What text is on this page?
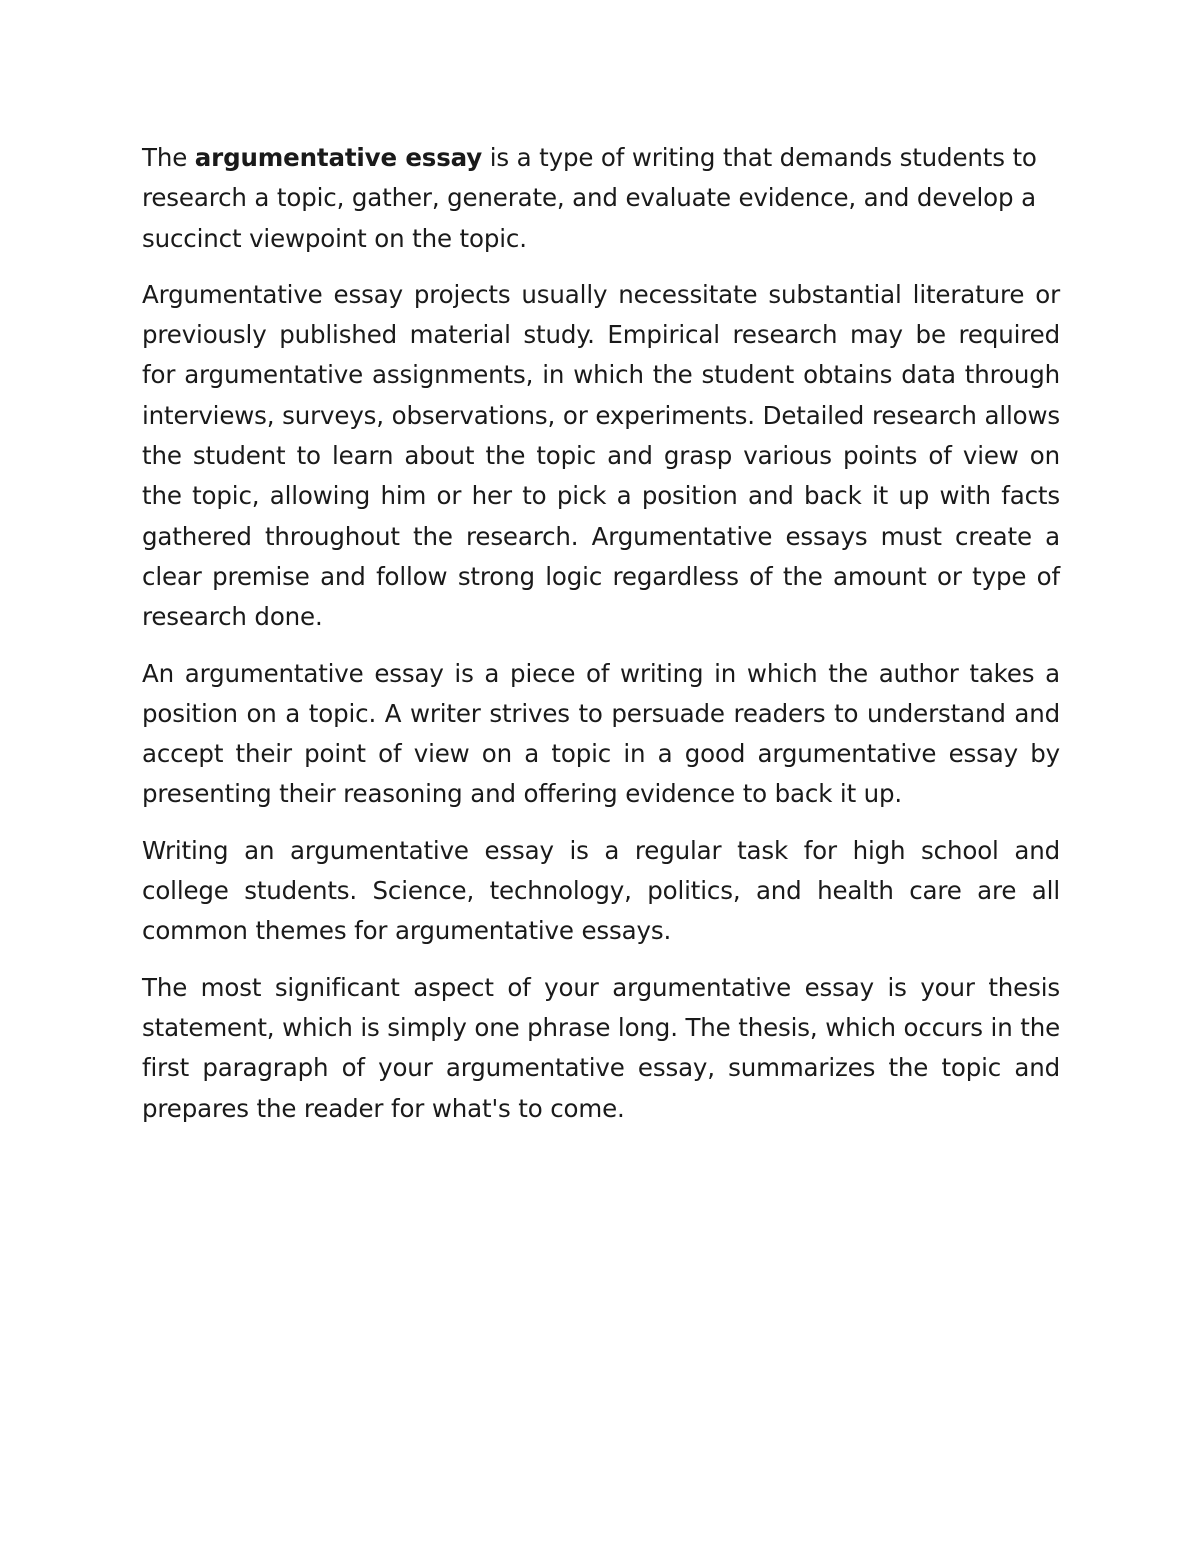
The argumentative essay is a type of writing that demands students to research a topic, gather, generate, and evaluate evidence, and develop a succinct viewpoint on the topic.

Argumentative essay projects usually necessitate substantial literature or previously published material study. Empirical research may be required for argumentative assignments, in which the student obtains data through interviews, surveys, observations, or experiments. Detailed research allows the student to learn about the topic and grasp various points of view on the topic, allowing him or her to pick a position and back it up with facts gathered throughout the research. Argumentative essays must create a clear premise and follow strong logic regardless of the amount or type of research done.

An argumentative essay is a piece of writing in which the author takes a position on a topic. A writer strives to persuade readers to understand and accept their point of view on a topic in a good argumentative essay by presenting their reasoning and offering evidence to back it up.

Writing an argumentative essay is a regular task for high school and college students. Science, technology, politics, and health care are all common themes for argumentative essays.

The most significant aspect of your argumentative essay is your thesis statement, which is simply one phrase long. The thesis, which occurs in the first paragraph of your argumentative essay, summarizes the topic and prepares the reader for what's to come.
